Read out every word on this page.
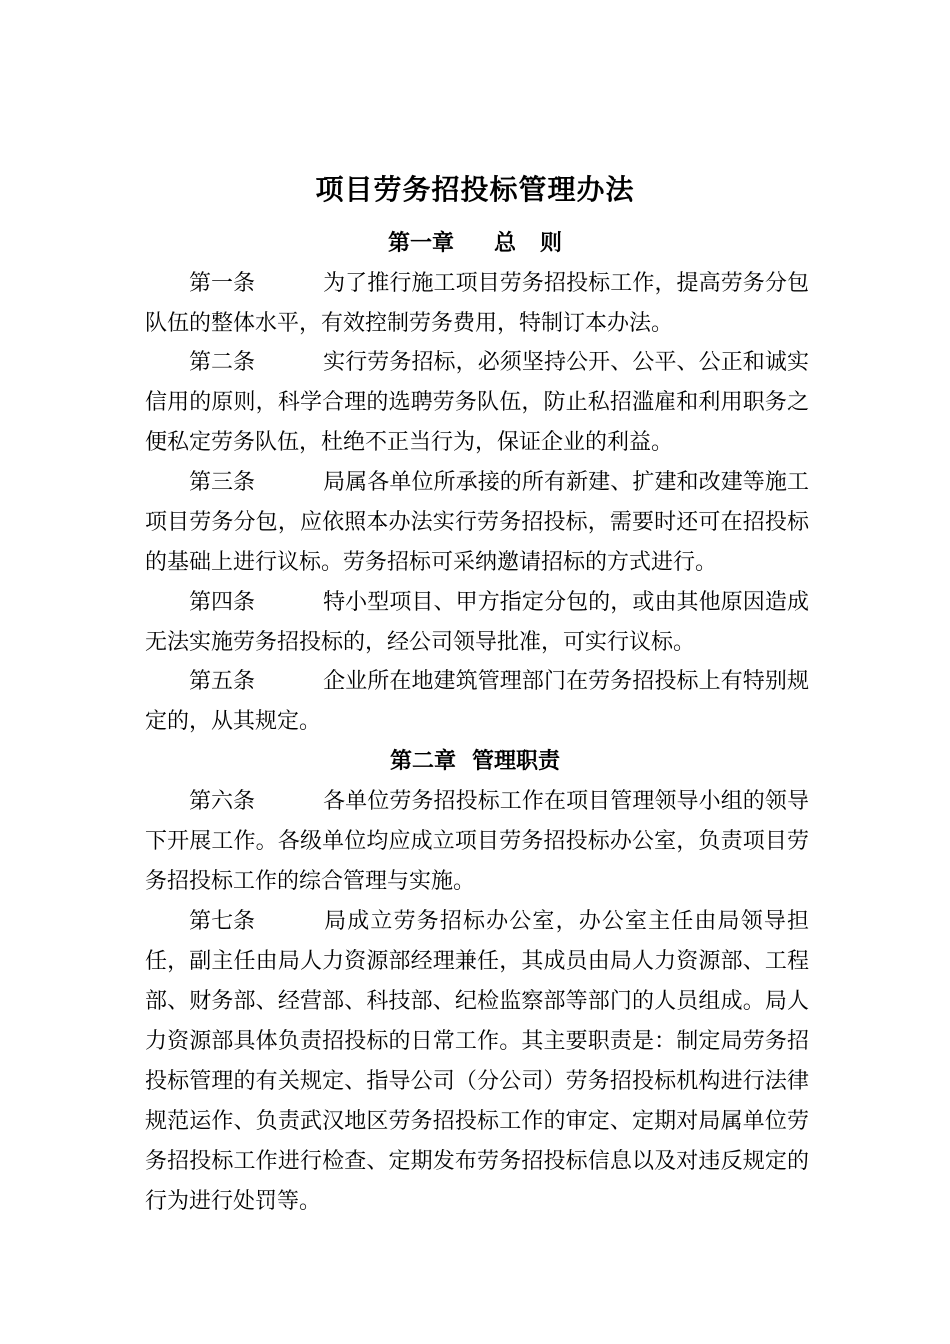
项目劳务招投标管理办法
第一章 总 则

第一条	为了推行施工项目劳务招投标工作，提高劳务分包队伍的整体水平，有效控制劳务费用，特制订本办法。

第二条	实行劳务招标，必须坚持公开、公平、公正和诚实信用的原则，科学合理的选聘劳务队伍，防止私招滥雇和利用职务之便私定劳务队伍，杜绝不正当行为，保证企业的利益。

第三条	局属各单位所承接的所有新建、扩建和改建等施工项目劳务分包，应依照本办法实行劳务招投标，需要时还可在招投标的基础上进行议标。劳务招标可采纳邀请招标的方式进行。

第四条	特小型项目、甲方指定分包的，或由其他原因造成无法实施劳务招投标的，经公司领导批准，可实行议标。

第五条	企业所在地建筑管理部门在劳务招投标上有特别规定的，从其规定。

第二章 管理职责

第六条	各单位劳务招投标工作在项目管理领导小组的领导下开展工作。各级单位均应成立项目劳务招投标办公室，负责项目劳务招投标工作的综合管理与实施。

第七条	局成立劳务招标办公室，办公室主任由局领导担任，副主任由局人力资源部经理兼任，其成员由局人力资源部、工程部、财务部、经营部、科技部、纪检监察部等部门的人员组成。局人力资源部具体负责招投标的日常工作。其主要职责是：制定局劳务招投标管理的有关规定、指导公司（分公司）劳务招投标机构进行法律规范运作、负责武汉地区劳务招投标工作的审定、定期对局属单位劳务招投标工作进行检查、定期发布劳务招投标信息以及对违反规定的行为进行处罚等。
